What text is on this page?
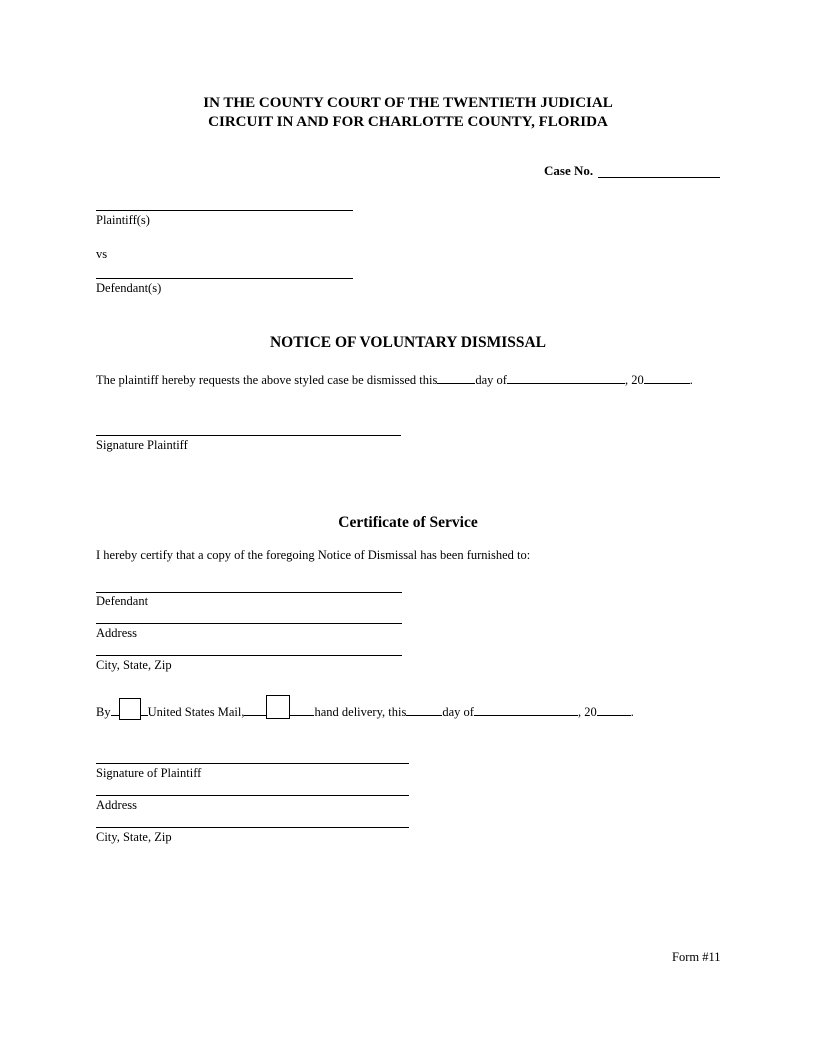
IN THE COUNTY COURT OF THE TWENTIETH JUDICIAL
CIRCUIT IN AND FOR CHARLOTTE COUNTY, FLORIDA
Case No.
Plaintiff(s)
vs
Defendant(s)
NOTICE OF VOLUNTARY DISMISSAL
The plaintiff hereby requests the above styled case be dismissed this	day of	, 20	.
Signature Plaintiff
Certificate of Service
I hereby certify that a copy of the foregoing Notice of Dismissal has been furnished to:
Defendant
Address
City, State, Zip
By	United States Mail,	hand delivery, this	day of	, 20	.
Signature of Plaintiff
Address
City, State, Zip
Form #11
